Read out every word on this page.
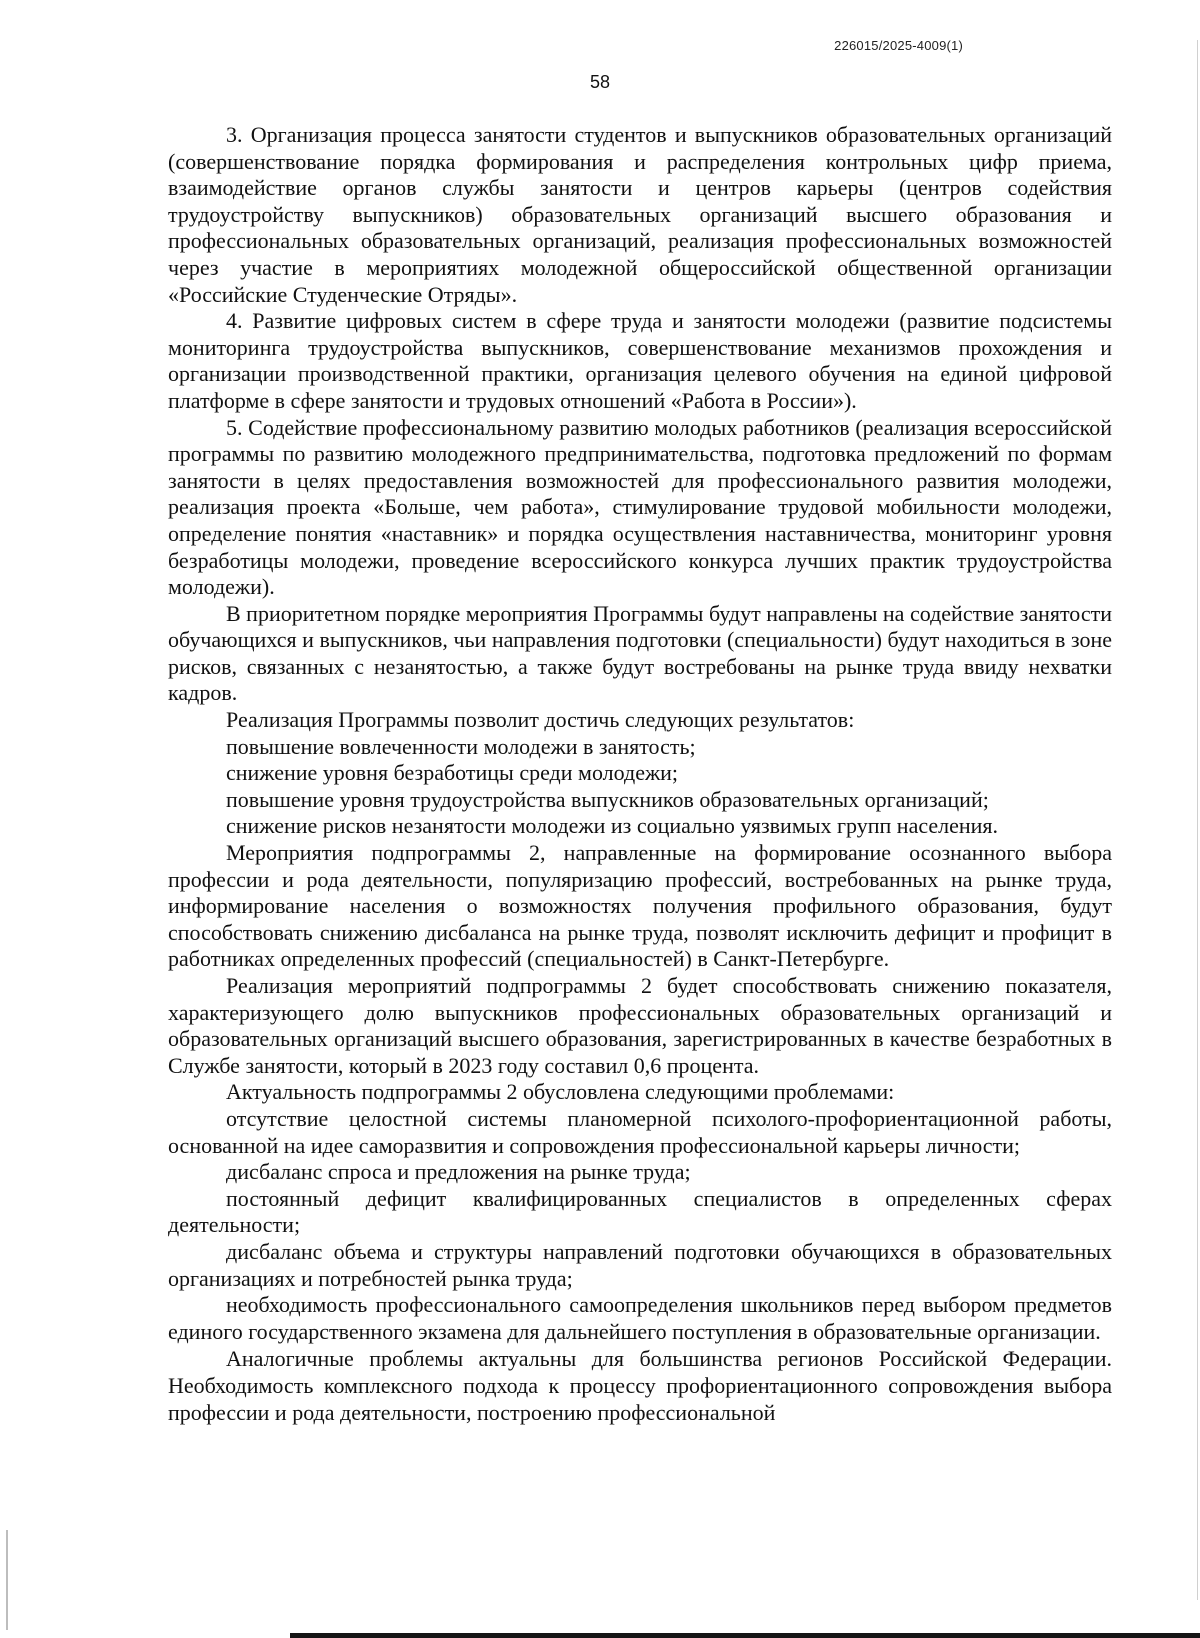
226015/2025-4009(1)
58

3. Организация процесса занятости студентов и выпускников образовательных организаций (совершенствование порядка формирования и распределения контрольных цифр приема, взаимодействие органов службы занятости и центров карьеры (центров содействия трудоустройству выпускников) образовательных организаций высшего образования и профессиональных образовательных организаций, реализация профессиональных возможностей через участие в мероприятиях молодежной общероссийской общественной организации «Российские Студенческие Отряды».

4. Развитие цифровых систем в сфере труда и занятости молодежи (развитие подсистемы мониторинга трудоустройства выпускников, совершенствование механизмов прохождения и организации производственной практики, организация целевого обучения на единой цифровой платформе в сфере занятости и трудовых отношений «Работа в России»).

5. Содействие профессиональному развитию молодых работников (реализация всероссийской программы по развитию молодежного предпринимательства, подготовка предложений по формам занятости в целях предоставления возможностей для профессионального развития молодежи, реализация проекта «Больше, чем работа», стимулирование трудовой мобильности молодежи, определение понятия «наставник» и порядка осуществления наставничества, мониторинг уровня безработицы молодежи, проведение всероссийского конкурса лучших практик трудоустройства молодежи).

В приоритетном порядке мероприятия Программы будут направлены на содействие занятости обучающихся и выпускников, чьи направления подготовки (специальности) будут находиться в зоне рисков, связанных с незанятостью, а также будут востребованы на рынке труда ввиду нехватки кадров.

Реализация Программы позволит достичь следующих результатов:

повышение вовлеченности молодежи в занятость;

снижение уровня безработицы среди молодежи;

повышение уровня трудоустройства выпускников образовательных организаций;

снижение рисков незанятости молодежи из социально уязвимых групп населения.

Мероприятия подпрограммы 2, направленные на формирование осознанного выбора профессии и рода деятельности, популяризацию профессий, востребованных на рынке труда, информирование населения о возможностях получения профильного образования, будут способствовать снижению дисбаланса на рынке труда, позволят исключить дефицит и профицит в работниках определенных профессий (специальностей) в Санкт-Петербурге.

Реализация мероприятий подпрограммы 2 будет способствовать снижению показателя, характеризующего долю выпускников профессиональных образовательных организаций и образовательных организаций высшего образования, зарегистрированных в качестве безработных в Службе занятости, который в 2023 году составил 0,6 процента.

Актуальность подпрограммы 2 обусловлена следующими проблемами:

отсутствие целостной системы планомерной психолого-профориентационной работы, основанной на идее саморазвития и сопровождения профессиональной карьеры личности;

дисбаланс спроса и предложения на рынке труда;

постоянный дефицит квалифицированных специалистов в определенных сферах деятельности;

дисбаланс объема и структуры направлений подготовки обучающихся в образовательных организациях и потребностей рынка труда;

необходимость профессионального самоопределения школьников перед выбором предметов единого государственного экзамена для дальнейшего поступления в образовательные организации.

Аналогичные проблемы актуальны для большинства регионов Российской Федерации. Необходимость комплексного подхода к процессу профориентационного сопровождения выбора профессии и рода деятельности, построению профессиональной
